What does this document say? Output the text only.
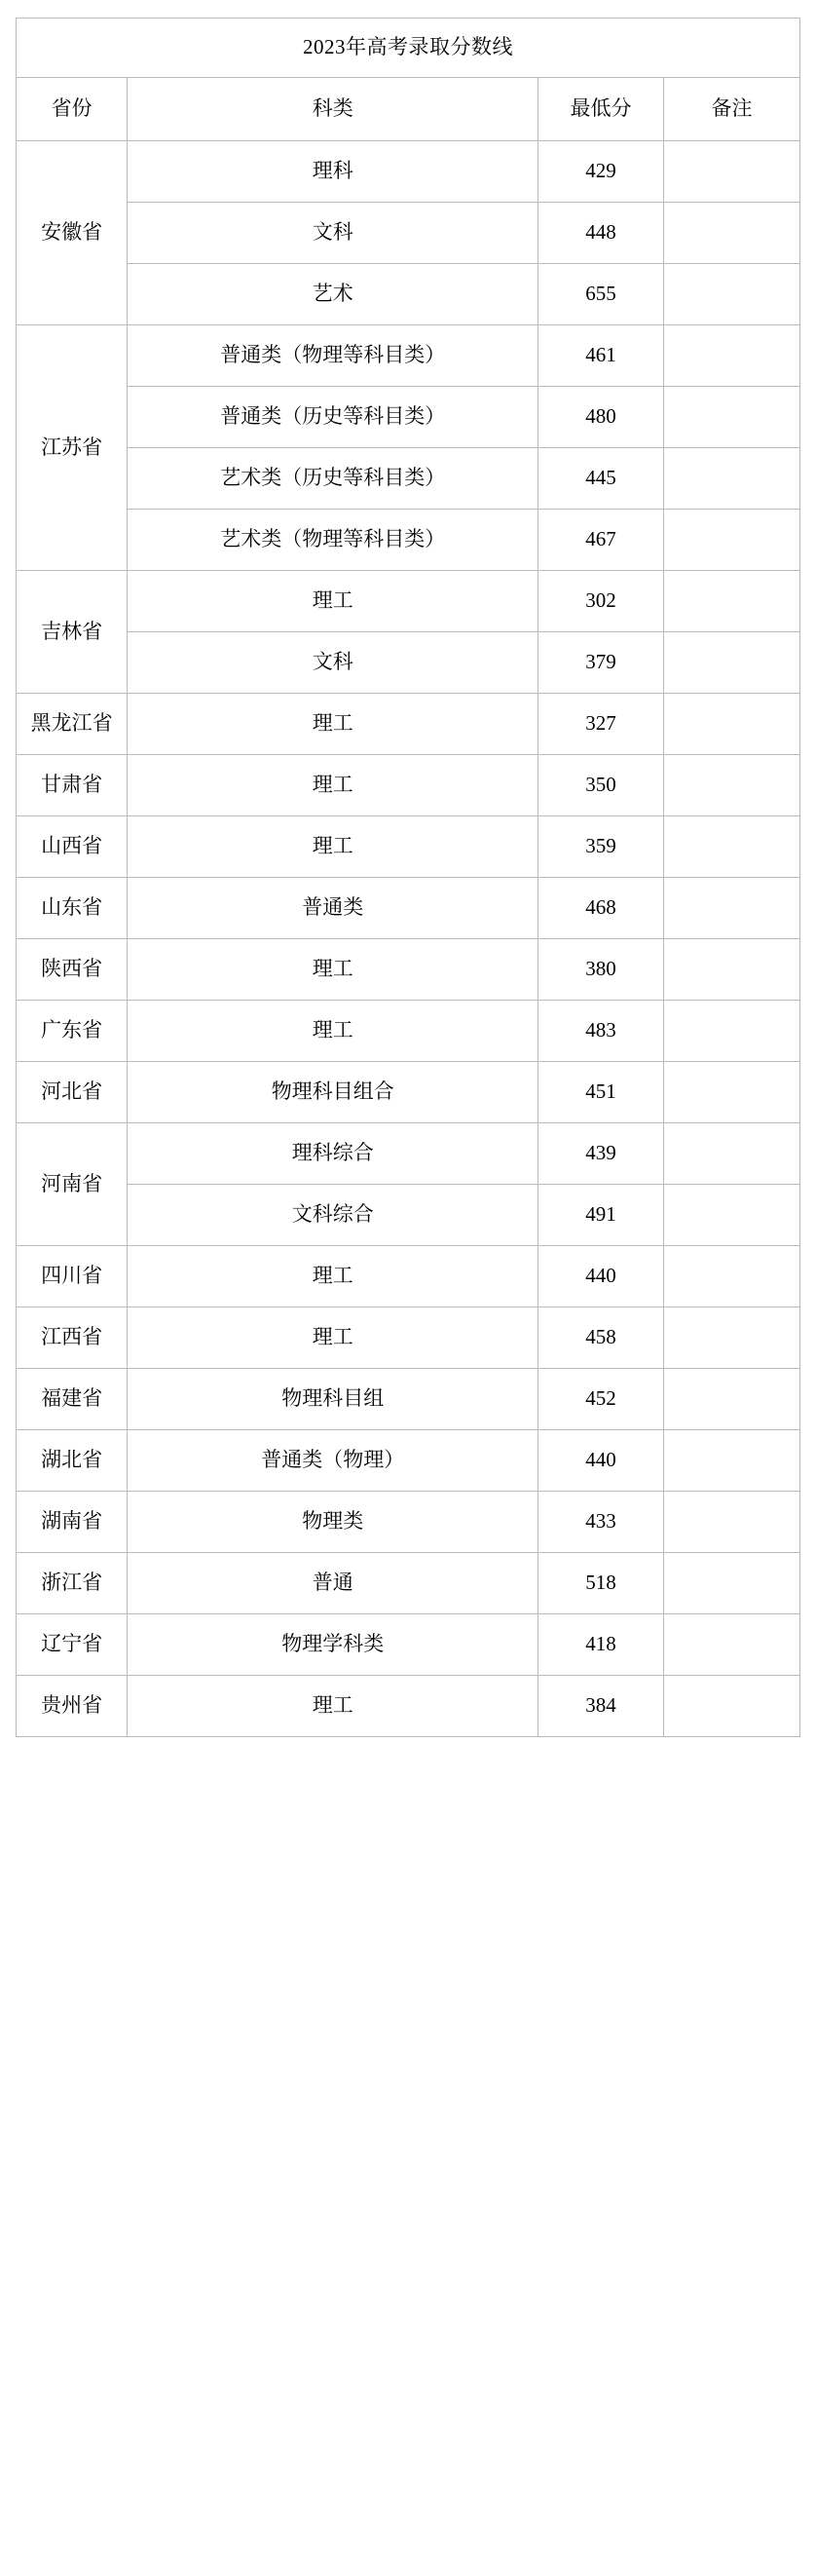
2023年高考录取分数线			
省份	科类	最低分	备注
安徽省	理科	429	
	文科	448	
	艺术	655	
江苏省	普通类（物理等科目类）	461	
	普通类（历史等科目类）	480	
	艺术类（历史等科目类）	445	
	艺术类（物理等科目类）	467	
吉林省	理工	302	
	文科	379	
黑龙江省	理工	327	
甘肃省	理工	350	
山西省	理工	359	
山东省	普通类	468	
陕西省	理工	380	
广东省	理工	483	
河北省	物理科目组合	451	
河南省	理科综合	439	
	文科综合	491	
四川省	理工	440	
江西省	理工	458	
福建省	物理科目组	452	
湖北省	普通类（物理）	440	
湖南省	物理类	433	
浙江省	普通	518	
辽宁省	物理学科类	418	
贵州省	理工	384	
